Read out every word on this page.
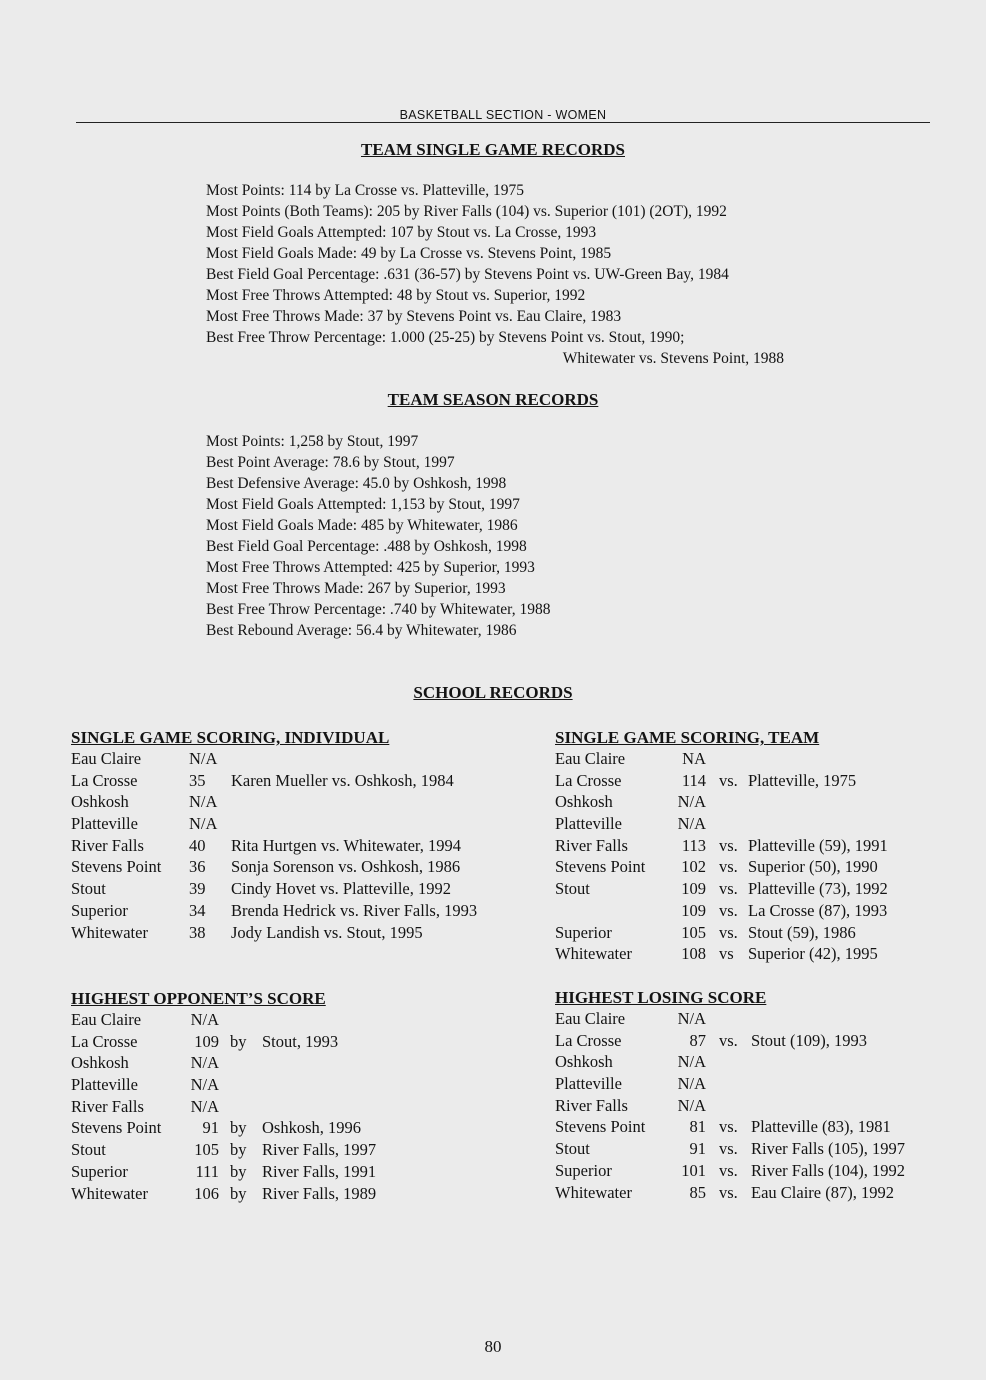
BASKETBALL SECTION - WOMEN
TEAM SINGLE GAME RECORDS
Most Points: 114 by La Crosse vs. Platteville, 1975
Most Points (Both Teams): 205 by River Falls (104) vs. Superior (101) (2OT), 1992
Most Field Goals Attempted: 107 by Stout vs. La Crosse, 1993
Most Field Goals Made: 49 by La Crosse vs. Stevens Point, 1985
Best Field Goal Percentage: .631 (36-57) by Stevens Point vs. UW-Green Bay, 1984
Most Free Throws Attempted: 48 by Stout vs. Superior, 1992
Most Free Throws Made: 37 by Stevens Point vs. Eau Claire, 1983
Best Free Throw Percentage: 1.000 (25-25) by Stevens Point vs. Stout, 1990;
Whitewater vs. Stevens Point, 1988
TEAM SEASON RECORDS
Most Points: 1,258 by Stout, 1997
Best Point Average: 78.6 by Stout, 1997
Best Defensive Average: 45.0 by Oshkosh, 1998
Most Field Goals Attempted: 1,153 by Stout, 1997
Most Field Goals Made: 485 by Whitewater, 1986
Best Field Goal Percentage: .488 by Oshkosh, 1998
Most Free Throws Attempted: 425 by Superior, 1993
Most Free Throws Made: 267 by Superior, 1993
Best Free Throw Percentage: .740 by Whitewater, 1988
Best Rebound Average: 56.4 by Whitewater, 1986
SCHOOL RECORDS
SINGLE GAME SCORING, INDIVIDUAL
Eau Claire	N/A
La Crosse	35 Karen Mueller vs. Oshkosh, 1984
Oshkosh	N/A
Platteville	N/A
River Falls	40 Rita Hurtgen vs. Whitewater, 1994
Stevens Point 36 Sonja Sorenson vs. Oshkosh, 1986
Stout	39 Cindy Hovet vs. Platteville, 1992
Superior	34 Brenda Hedrick vs. River Falls, 1993
Whitewater 38 Jody Landish vs. Stout, 1995
SINGLE GAME SCORING, TEAM
Eau Claire	NA
La Crosse	114 vs. Platteville, 1975
Oshkosh	N/A
Platteville	N/A
River Falls	113 vs. Platteville (59), 1991
Stevens Point	102 vs. Superior (50), 1990
Stout	109 vs. Platteville (73), 1992
109 vs. La Crosse (87), 1993
Superior	105 vs. Stout (59), 1986
Whitewater	108 vs Superior (42), 1995
HIGHEST OPPONENT’S SCORE
Eau Claire	N/A
La Crosse	109 by Stout, 1993
Oshkosh	N/A
Platteville	N/A
River Falls	N/A
Stevens Point	91 by Oshkosh, 1996
Stout	105 by River Falls, 1997
Superior	111 by River Falls, 1991
Whitewater	106 by River Falls, 1989
HIGHEST LOSING SCORE
Eau Claire	N/A
La Crosse	87 vs. Stout (109), 1993
Oshkosh	N/A
Platteville	N/A
River Falls	N/A
Stevens Point	81 vs. Platteville (83), 1981
Stout	91 vs. River Falls (105), 1997
Superior	101 vs. River Falls (104), 1992
Whitewater	85 vs. Eau Claire (87), 1992
80
